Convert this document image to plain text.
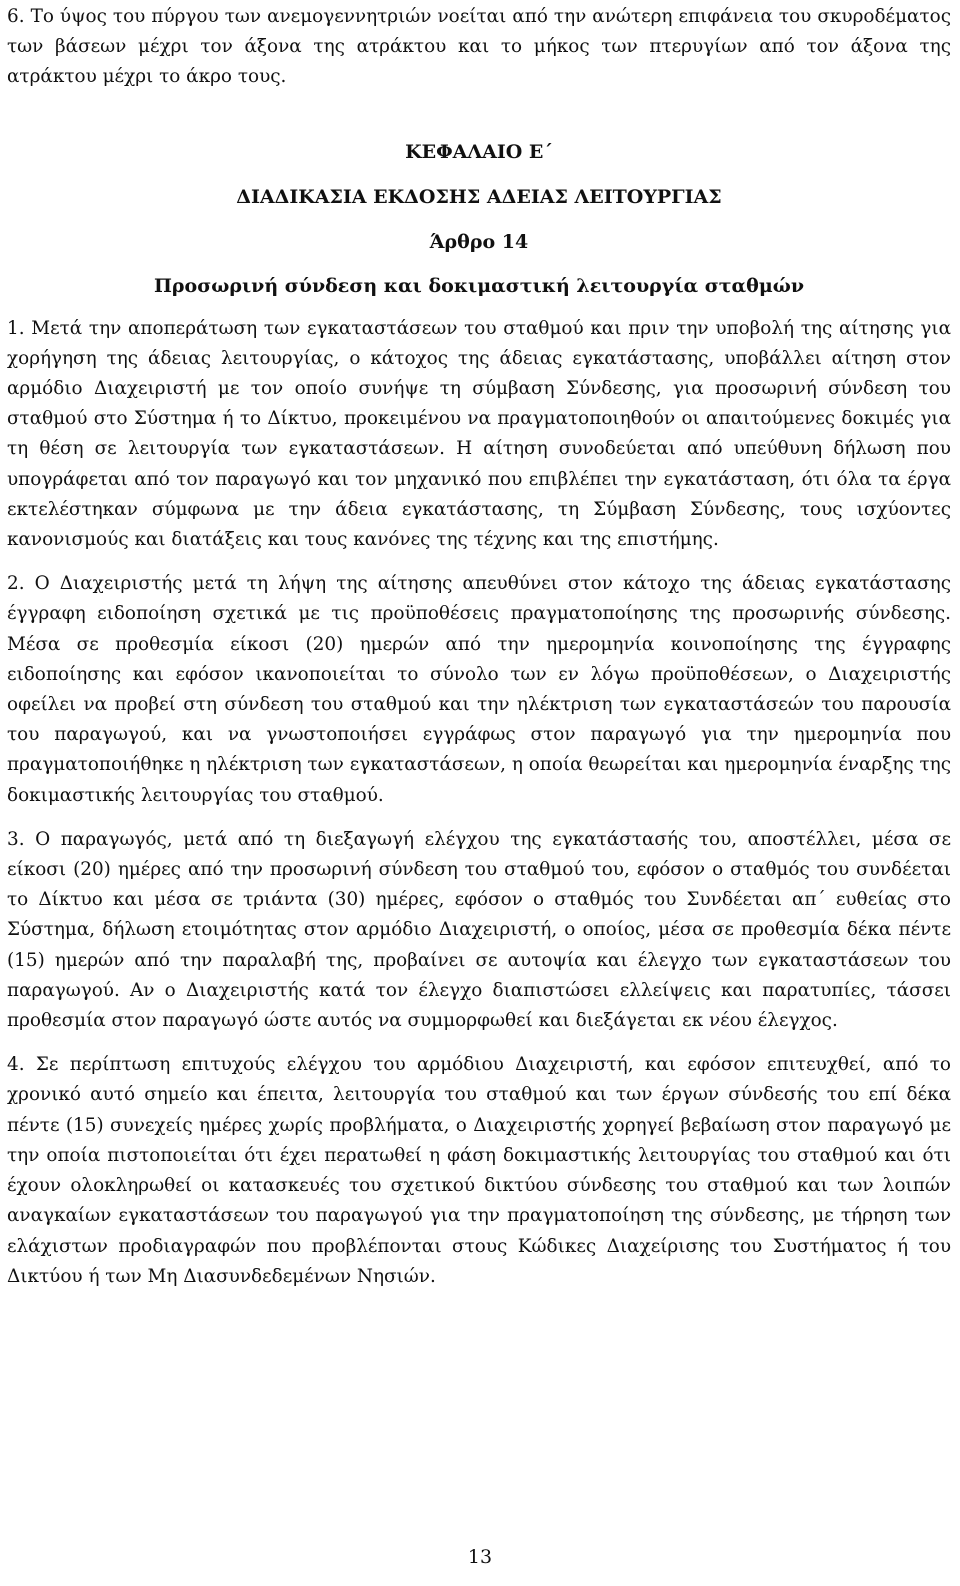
6. Το ύψος του πύργου των ανεμογεννητριών νοείται από την ανώτερη επιφάνεια του σκυροδέματος των βάσεων μέχρι τον άξονα της ατράκτου και το μήκος των πτερυγίων από τον άξονα της ατράκτου μέχρι το άκρο τους.

ΚΕΦΑΛΑΙΟ Ε΄
ΔΙΑΔΙΚΑΣΙΑ ΕΚΔΟΣΗΣ ΑΔΕΙΑΣ ΛΕΙΤΟΥΡΓΙΑΣ
Άρθρο 14
Προσωρινή σύνδεση και δοκιμαστική λειτουργία σταθμών

1. Μετά την αποπεράτωση των εγκαταστάσεων του σταθμού και πριν την υποβολή της αίτησης για χορήγηση της άδειας λειτουργίας, ο κάτοχος της άδειας εγκατάστασης, υποβάλλει αίτηση στον αρμόδιο Διαχειριστή με τον οποίο συνήψε τη σύμβαση Σύνδεσης, για προσωρινή σύνδεση του σταθμού στο Σύστημα ή το Δίκτυο, προκειμένου να πραγματοποιηθούν οι απαιτούμενες δοκιμές για τη θέση σε λειτουργία των εγκαταστάσεων. Η αίτηση συνοδεύεται από υπεύθυνη δήλωση που υπογράφεται από τον παραγωγό και τον μηχανικό που επιβλέπει την εγκατάσταση, ότι όλα τα έργα εκτελέστηκαν σύμφωνα με την άδεια εγκατάστασης, τη Σύμβαση Σύνδεσης, τους ισχύοντες κανονισμούς και διατάξεις και τους κανόνες της τέχνης και της επιστήμης.

2. Ο Διαχειριστής μετά τη λήψη της αίτησης απευθύνει στον κάτοχο της άδειας εγκατάστασης έγγραφη ειδοποίηση σχετικά με τις προϋποθέσεις πραγματοποίησης της προσωρινής σύνδεσης. Μέσα σε προθεσμία είκοσι (20) ημερών από την ημερομηνία κοινοποίησης της έγγραφης ειδοποίησης και εφόσον ικανοποιείται το σύνολο των εν λόγω προϋποθέσεων, ο Διαχειριστής οφείλει να προβεί στη σύνδεση του σταθμού και την ηλέκτριση των εγκαταστάσεών του παρουσία του παραγωγού, και να γνωστοποιήσει εγγράφως στον παραγωγό για την ημερομηνία που πραγματοποιήθηκε η ηλέκτριση των εγκαταστάσεων, η οποία θεωρείται και ημερομηνία έναρξης της δοκιμαστικής λειτουργίας του σταθμού.

3. Ο παραγωγός, μετά από τη διεξαγωγή ελέγχου της εγκατάστασής του, αποστέλλει, μέσα σε είκοσι (20) ημέρες από την προσωρινή σύνδεση του σταθμού του, εφόσον ο σταθμός του συνδέεται το Δίκτυο και μέσα σε τριάντα (30) ημέρες, εφόσον ο σταθμός του Συνδέεται απ΄ ευθείας στο Σύστημα, δήλωση ετοιμότητας στον αρμόδιο Διαχειριστή, ο οποίος, μέσα σε προθεσμία δέκα πέντε (15) ημερών από την παραλαβή της, προβαίνει σε αυτοψία και έλεγχο των εγκαταστάσεων του παραγωγού. Αν ο Διαχειριστής κατά τον έλεγχο διαπιστώσει ελλείψεις και παρατυπίες, τάσσει προθεσμία στον παραγωγό ώστε αυτός να συμμορφωθεί και διεξάγεται εκ νέου έλεγχος.

4. Σε περίπτωση επιτυχούς ελέγχου του αρμόδιου Διαχειριστή, και εφόσον επιτευχθεί, από το χρονικό αυτό σημείο και έπειτα, λειτουργία του σταθμού και των έργων σύνδεσής του επί δέκα πέντε (15) συνεχείς ημέρες χωρίς προβλήματα, ο Διαχειριστής χορηγεί βεβαίωση στον παραγωγό με την οποία πιστοποιείται ότι έχει περατωθεί η φάση δοκιμαστικής λειτουργίας του σταθμού και ότι έχουν ολοκληρωθεί οι κατασκευές του σχετικού δικτύου σύνδεσης του σταθμού και των λοιπών αναγκαίων εγκαταστάσεων του παραγωγού για την πραγματοποίηση της σύνδεσης, με τήρηση των ελάχιστων προδιαγραφών που προβλέπονται στους Κώδικες Διαχείρισης του Συστήματος ή του Δικτύου ή των Μη Διασυνδεδεμένων Νησιών.

13
